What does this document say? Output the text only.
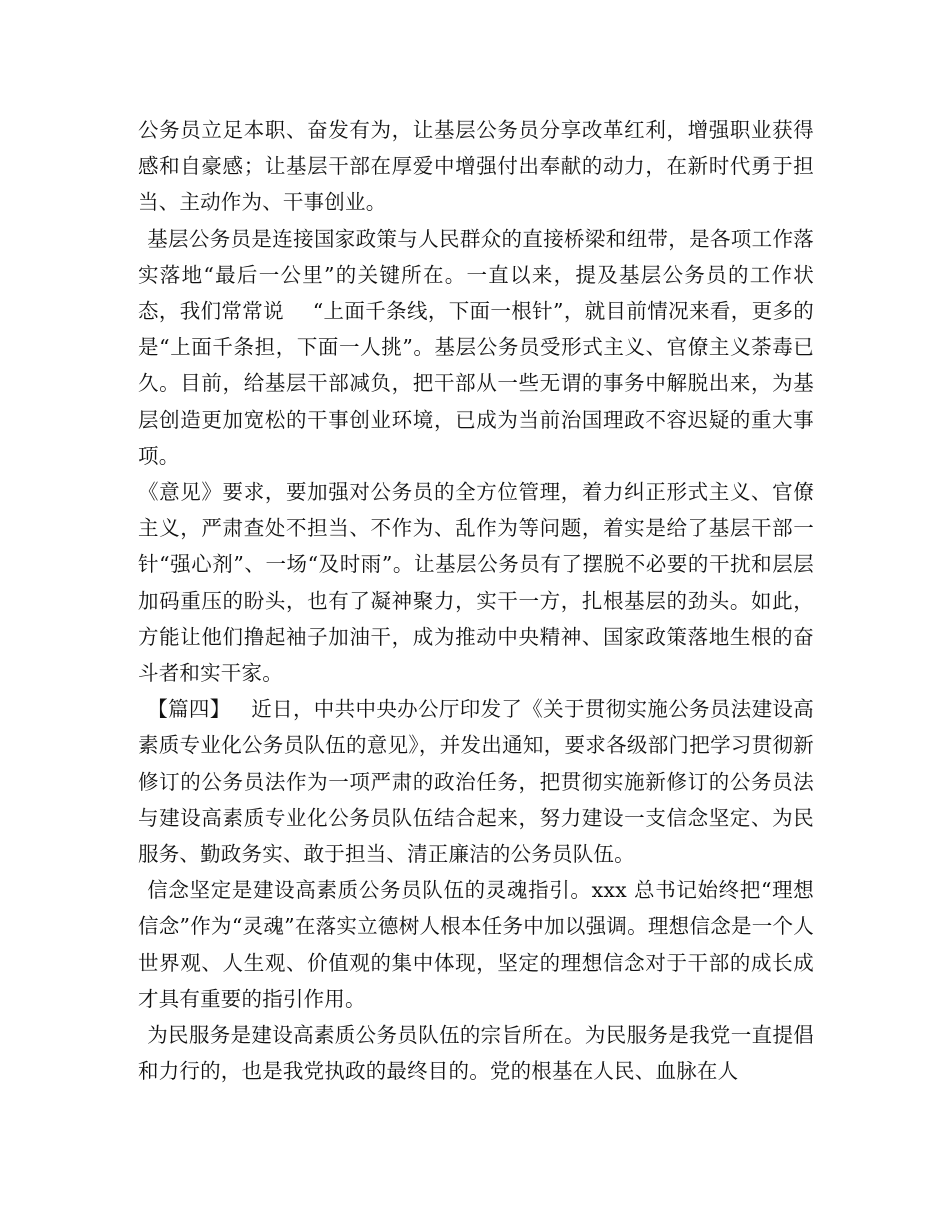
公务员立足本职、奋发有为，让基层公务员分享改革红利，增强职业获得感和自豪感；让基层干部在厚爱中增强付出奉献的动力，在新时代勇于担当、主动作为、干事创业。

基层公务员是连接国家政策与人民群众的直接桥梁和纽带，是各项工作落实落地“最后一公里”的关键所在。一直以来，提及基层公务员的工作状态，我们常常说 “上面千条线，下面一根针”，就目前情况来看，更多的是“上面千条担，下面一人挑”。基层公务员受形式主义、官僚主义荼毒已久。目前，给基层干部减负，把干部从一些无谓的事务中解脱出来，为基层创造更加宽松的干事创业环境，已成为当前治国理政不容迟疑的重大事项。

《意见》要求，要加强对公务员的全方位管理，着力纠正形式主义、官僚主义，严肃查处不担当、不作为、乱作为等问题，着实是给了基层干部一针“强心剂”、一场“及时雨”。让基层公务员有了摆脱不必要的干扰和层层加码重压的盼头，也有了凝神聚力，实干一方，扎根基层的劲头。如此，方能让他们撸起袖子加油干，成为推动中央精神、国家政策落地生根的奋斗者和实干家。

【篇四】 近日，中共中央办公厅印发了《关于贯彻实施公务员法建设高素质专业化公务员队伍的意见》，并发出通知，要求各级部门把学习贯彻新修订的公务员法作为一项严肃的政治任务，把贯彻实施新修订的公务员法与建设高素质专业化公务员队伍结合起来，努力建设一支信念坚定、为民服务、勤政务实、敢于担当、清正廉洁的公务员队伍。

信念坚定是建设高素质公务员队伍的灵魂指引。xxx 总书记始终把“理想信念”作为“灵魂”在落实立德树人根本任务中加以强调。理想信念是一个人世界观、人生观、价值观的集中体现，坚定的理想信念对于干部的成长成才具有重要的指引作用。

为民服务是建设高素质公务员队伍的宗旨所在。为民服务是我党一直提倡和力行的，也是我党执政的最终目的。党的根基在人民、血脉在人
